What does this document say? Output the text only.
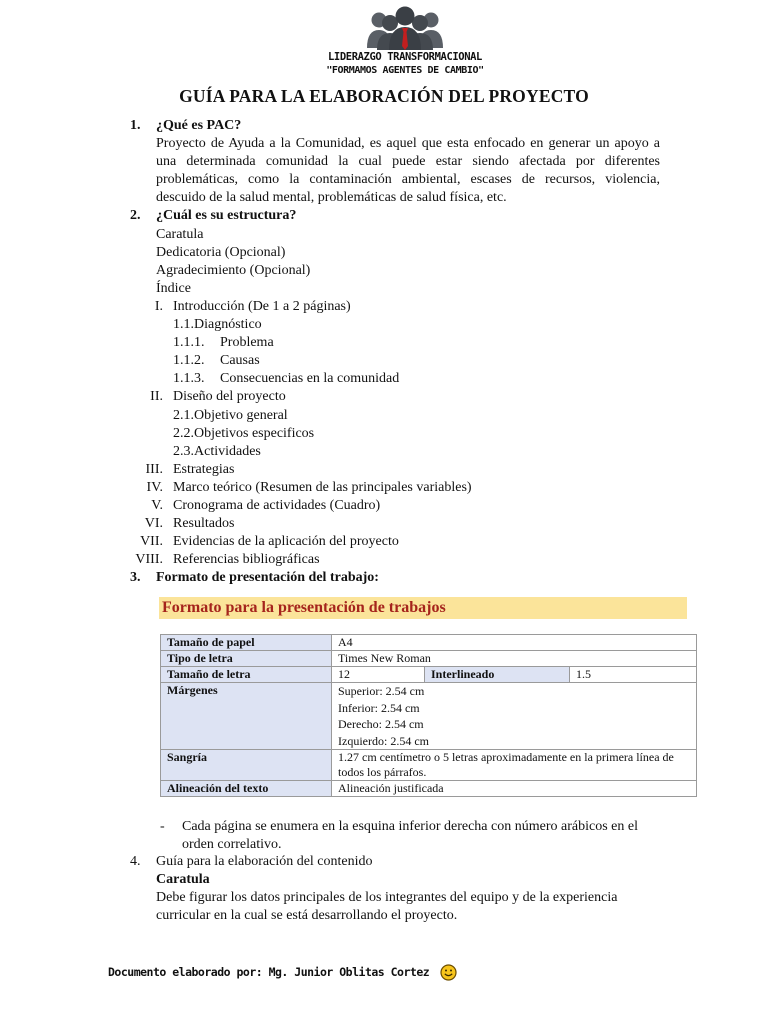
LIDERAZGO TRANSFORMACIONAL
"FORMAMOS AGENTES DE CAMBIO"
GUÍA PARA LA ELABORACIÓN DEL PROYECTO
1.	¿Qué es PAC?
Proyecto de Ayuda a la Comunidad, es aquel que esta enfocado en generar un apoyo a una determinada comunidad la cual puede estar siendo afectada por diferentes problemáticas, como la contaminación ambiental, escases de recursos, violencia, descuido de la salud mental, problemáticas de salud física, etc.
2.	¿Cuál es su estructura?
Caratula
Dedicatoria (Opcional)
Agradecimiento (Opcional)
Índice
I. Introducción (De 1 a 2 páginas)
1.1.Diagnóstico
1.1.1. Problema
1.1.2. Causas
1.1.3. Consecuencias en la comunidad
II. Diseño del proyecto
2.1.Objetivo general
2.2.Objetivos especificos
2.3.Actividades
III. Estrategias
IV. Marco teórico (Resumen de las principales variables)
V. Cronograma de actividades (Cuadro)
VI. Resultados
VII. Evidencias de la aplicación del proyecto
VIII. Referencias bibliográficas
3.	Formato de presentación del trabajo:
Formato para la presentación de trabajos
Tamaño de papel	A4		
Tipo de letra	Times New Roman		
Tamaño de letra	12	Interlineado	1.5
Márgenes	Superior: 2.54 cm
Inferior: 2.54 cm
Derecho: 2.54 cm
Izquierdo: 2.54 cm		

Sangría	1.27 cm centímetro o 5 letras aproximadamente en la primera línea de todos los párrafos.		
Alineación del texto	Alineación justificada		
-	Cada página se enumera en la esquina inferior derecha con número arábicos en el orden correlativo.
4.	Guía para la elaboración del contenido
Caratula
Debe figurar los datos principales de los integrantes del equipo y de la experiencia curricular en la cual se está desarrollando el proyecto.
Documento elaborado por: Mg. Junior Oblitas Cortez
